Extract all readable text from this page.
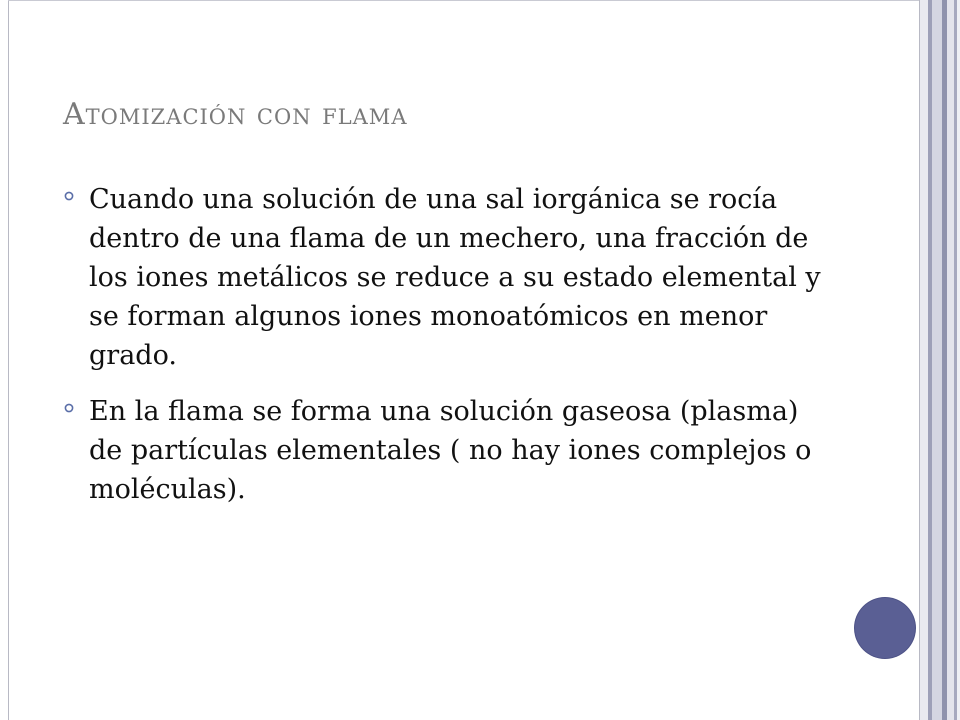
Atomización con flama
Cuando una solución de una sal iorgánica se rocía dentro de una flama de un mechero, una fracción de los iones metálicos se reduce a su estado elemental y se forman algunos iones monoatómicos en menor grado.
En la flama se forma una solución gaseosa (plasma) de partículas elementales ( no hay iones complejos o moléculas).
